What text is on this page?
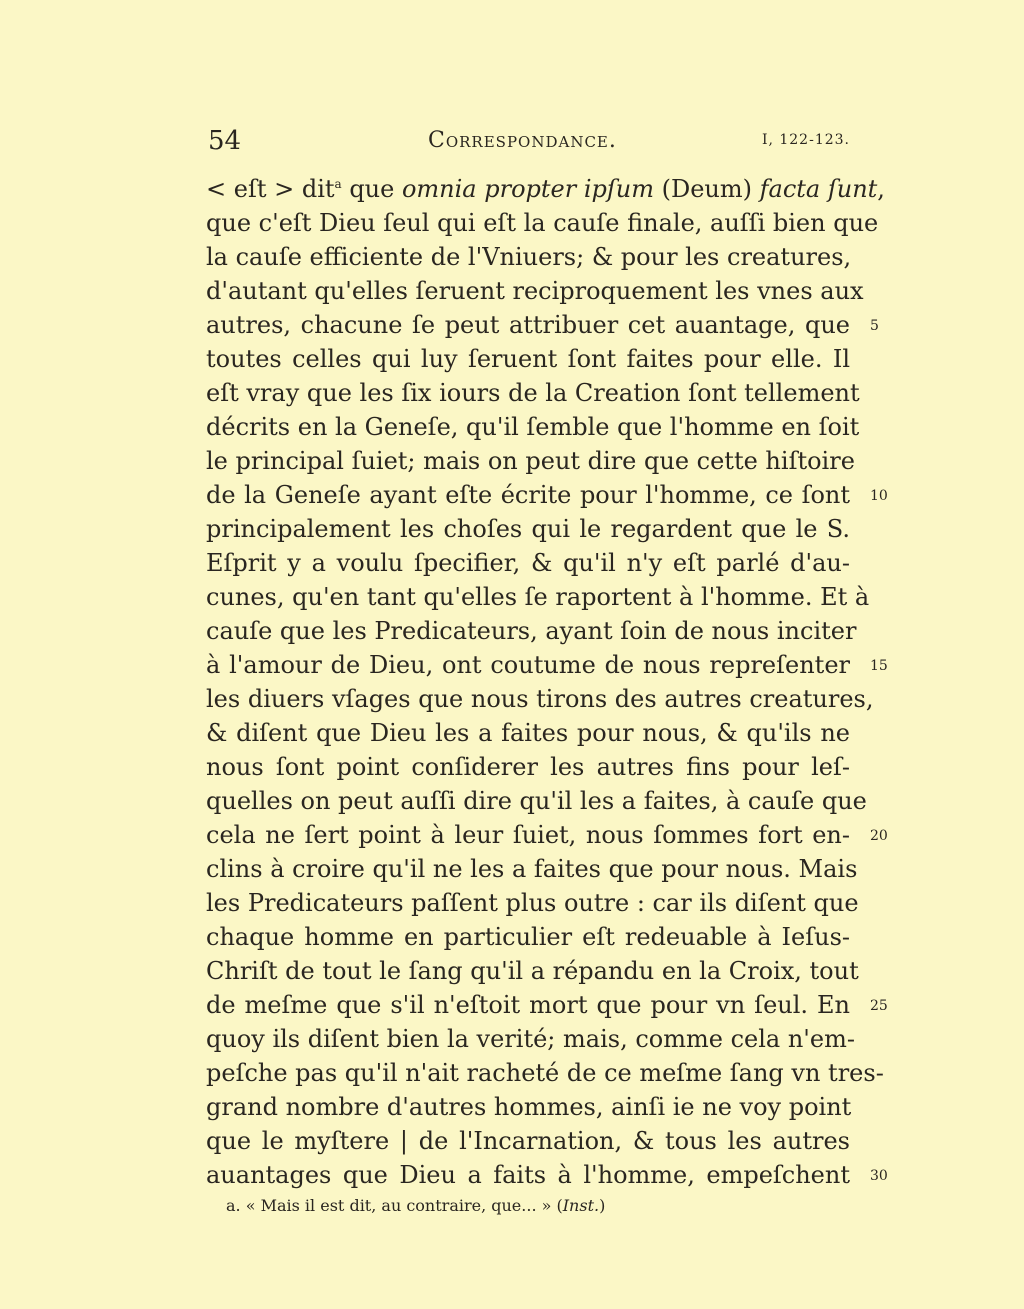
54	Correspondance.	I, 122-123.
< eſt > dit$^a$ que omnia propter ipſum (Deum) facta ſunt,
que c'eſt Dieu ſeul qui eſt la cauſe finale, auſſi bien que
la cauſe efficiente de l'Vniuers; & pour les creatures,
d'autant qu'elles ſeruent reciproquement les vnes aux
autres, chacune ſe peut attribuer cet auantage, que
toutes celles qui luy ſeruent ſont faites pour elle. Il
eſt vray que les ſix iours de la Creation ſont tellement
décrits en la Geneſe, qu'il ſemble que l'homme en ſoit
le principal ſuiet; mais on peut dire que cette hiſtoire
de la Geneſe ayant eſte écrite pour l'homme, ce ſont
principalement les choſes qui le regardent que le S.
Eſprit y a voulu ſpecifier, & qu'il n'y eſt parlé d'au-
cunes, qu'en tant qu'elles ſe raportent à l'homme. Et à
cauſe que les Predicateurs, ayant ſoin de nous inciter
à l'amour de Dieu, ont coutume de nous repreſenter
les diuers vſages que nous tirons des autres creatures,
& diſent que Dieu les a faites pour nous, & qu'ils ne
nous ſont point conſiderer les autres fins pour leſ-
quelles on peut auſſi dire qu'il les a faites, à cauſe que
cela ne ſert point à leur ſuiet, nous ſommes fort en-
clins à croire qu'il ne les a faites que pour nous. Mais
les Predicateurs paſſent plus outre : car ils diſent que
chaque homme en particulier eſt redeuable à Ieſus-
Chriſt de tout le ſang qu'il a répandu en la Croix, tout
de meſme que s'il n'eſtoit mort que pour vn ſeul. En
quoy ils diſent bien la verité; mais, comme cela n'em-
peſche pas qu'il n'ait racheté de ce meſme ſang vn tres-
grand nombre d'autres hommes, ainſi ie ne voy point
que le myſtere | de l'Incarnation, & tous les autres
auantages que Dieu a faits à l'homme, empeſchent
5
10
15
20
25
30
a. « Mais il est dit, au contraire, que... » (Inst.)
